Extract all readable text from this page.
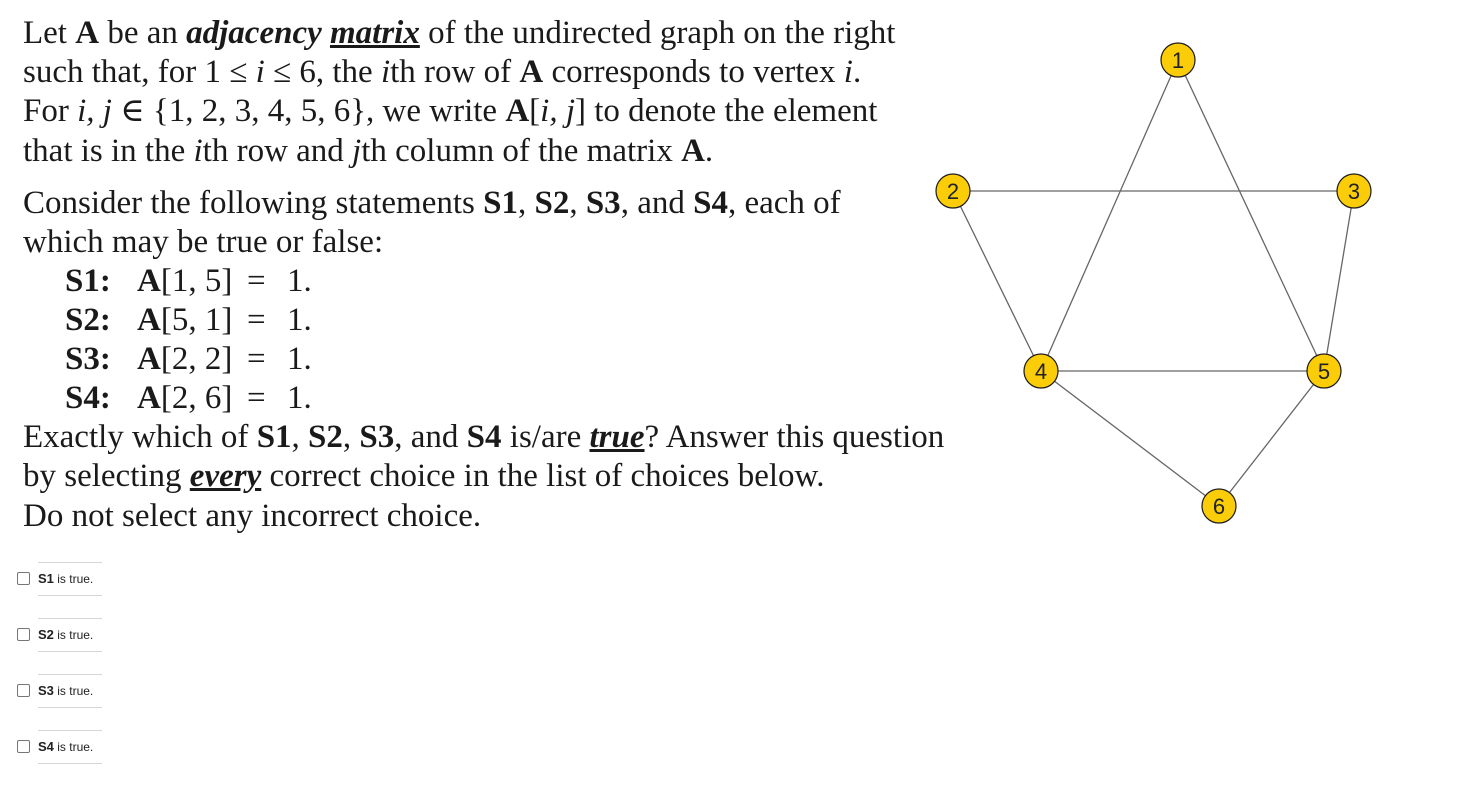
Let A be an adjacency matrix of the undirected graph on the right
such that, for 1 ≤ i ≤ 6, the ith row of A corresponds to vertex i.
For i, j ∈ {1, 2, 3, 4, 5, 6}, we write A[i, j] to denote the element
that is in the ith row and jth column of the matrix A.

Consider the following statements S1, S2, S3, and S4, each of
which may be true or false:

S1: A[1, 5] = 1.
S2: A[5, 1] = 1.
S3: A[2, 2] = 1.
S4: A[2, 6] = 1.

Exactly which of S1, S2, S3, and S4 is/are true? Answer this question
by selecting every correct choice in the list of choices below.
Do not select any incorrect choice.

1
2	3
4	5
6
S1 is true.
S2 is true.
S3 is true.
S4 is true.
